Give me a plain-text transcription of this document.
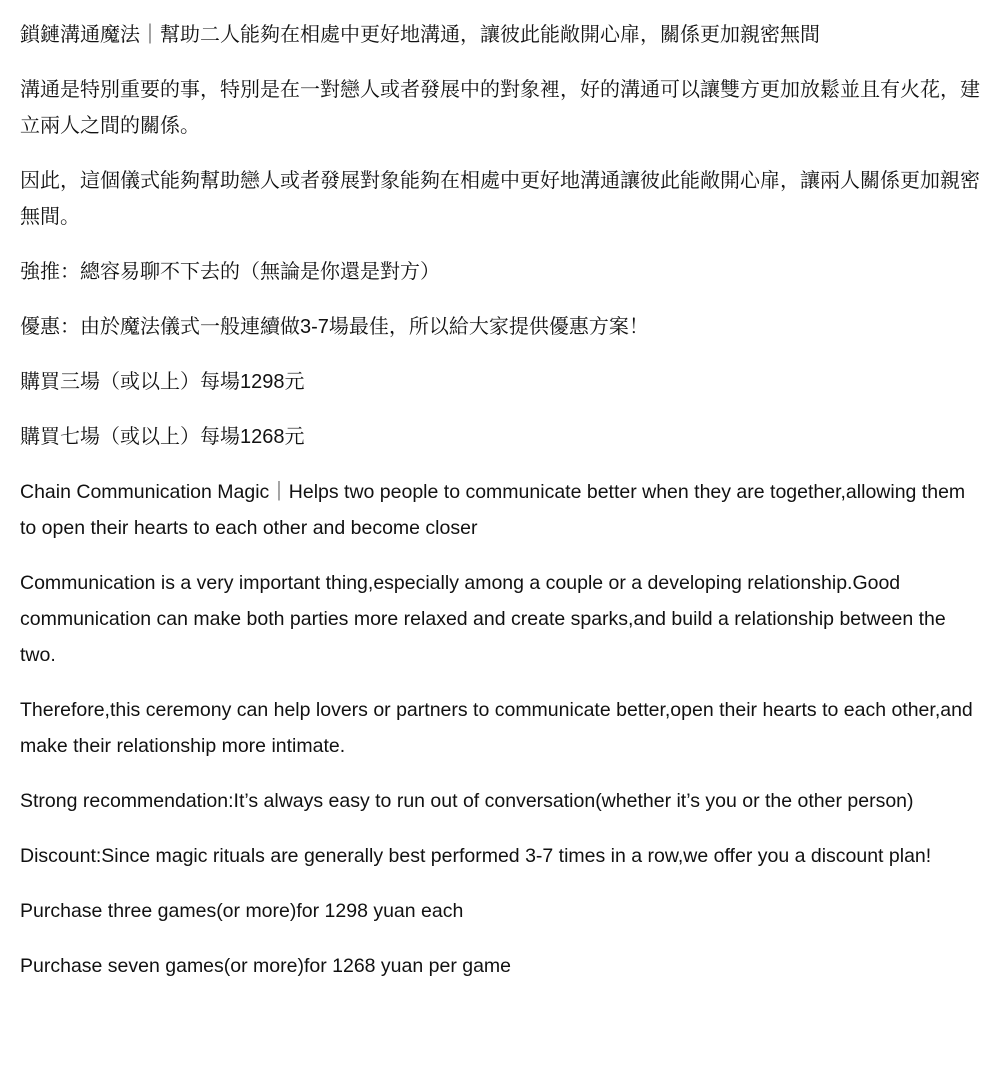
鎖鏈溝通魔法｜幫助二人能夠在相處中更好地溝通，讓彼此能敞開心扉，關係更加親密無間

溝通是特別重要的事，特別是在一對戀人或者發展中的對象裡，好的溝通可以讓雙方更加放鬆並且有火花，建立兩人之間的關係。

因此，這個儀式能夠幫助戀人或者發展對象能夠在相處中更好地溝通讓彼此能敞開心扉，讓兩人關係更加親密無間。

強推：總容易聊不下去的（無論是你還是對方）

優惠：由於魔法儀式一般連續做3-7場最佳，所以給大家提供優惠方案！

購買三場（或以上）每場1298元

購買七場（或以上）每場1268元

Chain Communication Magic｜Helps two people to communicate better when they are together,allowing them to open their hearts to each other and become closer

Communication is a very important thing,especially among a couple or a developing relationship.Good communication can make both parties more relaxed and create sparks,and build a relationship between the two.

Therefore,this ceremony can help lovers or partners to communicate better,open their hearts to each other,and make their relationship more intimate.

Strong recommendation:It’s always easy to run out of conversation(whether it’s you or the other person)

Discount:Since magic rituals are generally best performed 3-7 times in a row,we offer you a discount plan!

Purchase three games(or more)for 1298 yuan each

Purchase seven games(or more)for 1268 yuan per game
